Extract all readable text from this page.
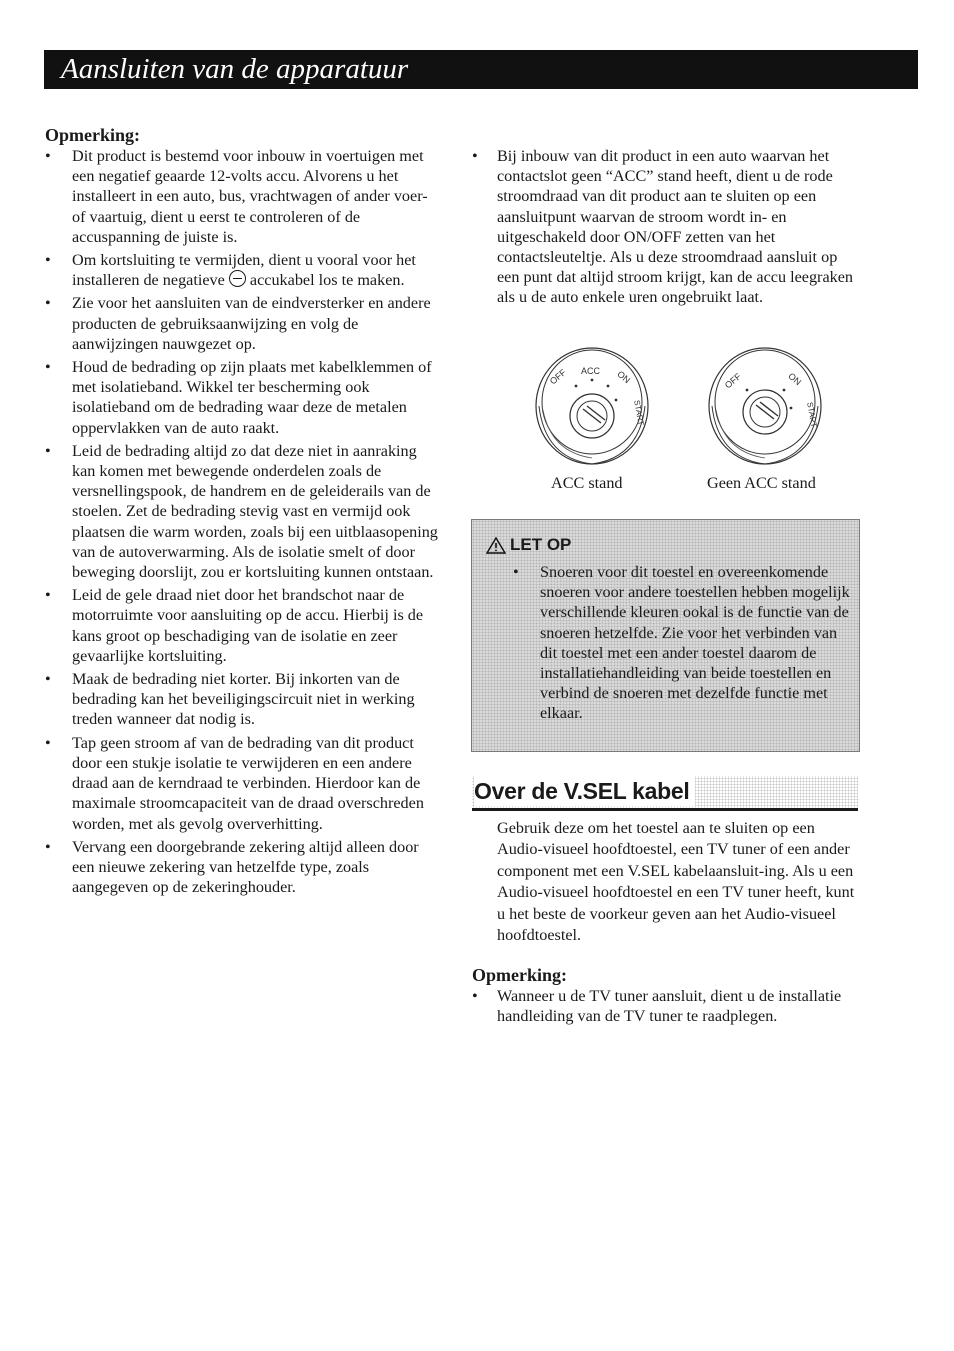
Aansluiten van de apparatuur
Opmerking:
• Dit product is bestemd voor inbouw in voertuigen met een negatief geaarde 12-volts accu. Alvorens u het installeert in een auto, bus, vrachtwagen of ander voer- of vaartuig, dient u eerst te controleren of de accuspanning de juiste is.
• Om kortsluiting te vermijden, dient u vooral voor het installeren de negatieve accukabel los te maken.
• Zie voor het aansluiten van de eindversterker en andere producten de gebruiksaanwijzing en volg de aanwijzingen nauwgezet op.
• Houd de bedrading op zijn plaats met kabelklemmen of met isolatieband. Wikkel ter bescherming ook isolatieband om de bedrading waar deze de metalen oppervlakken van de auto raakt.
• Leid de bedrading altijd zo dat deze niet in aanraking kan komen met bewegende onderdelen zoals de versnellingspook, de handrem en de geleiderails van de stoelen. Zet de bedrading stevig vast en vermijd ook plaatsen die warm worden, zoals bij een uitblaasopening van de autoverwarming. Als de isolatie smelt of door beweging doorslijt, zou er kortsluiting kunnen ontstaan.
• Leid de gele draad niet door het brandschot naar de motorruimte voor aansluiting op de accu. Hierbij is de kans groot op beschadiging van de isolatie en zeer gevaarlijke kortsluiting.
• Maak de bedrading niet korter. Bij inkorten van de bedrading kan het beveiligingscircuit niet in werking treden wanneer dat nodig is.
• Tap geen stroom af van de bedrading van dit product door een stukje isolatie te verwijderen en een andere draad aan de kerndraad te verbinden. Hierdoor kan de maximale stroomcapaciteit van de draad overschreden worden, met als gevolg oververhitting.
• Vervang een doorgebrande zekering altijd alleen door een nieuwe zekering van hetzelfde type, zoals aangegeven op de zekeringhouder.
• Bij inbouw van dit product in een auto waarvan het contactslot geen “ACC” stand heeft, dient u de rode stroomdraad van dit product aan te sluiten op een aansluitpunt waarvan de stroom wordt in- en uitgeschakeld door ON/OFF zetten van het contactsleuteltje. Als u deze stroomdraad aansluit op een punt dat altijd stroom krijgt, kan de accu leegraken als u de auto enkele uren ongebruikt laat.
OFF ACC ON
START
ACC stand
OFF	ON
START
Geen ACC stand
LET OP
• Snoeren voor dit toestel en overeenkomende snoeren voor andere toestellen hebben mogelijk verschillende kleuren ookal is de functie van de snoeren hetzelfde. Zie voor het verbinden van dit toestel met een ander toestel daarom de installatiehandleiding van beide toestellen en verbind de snoeren met dezelfde functie met elkaar.
Over de V.SEL kabel

Gebruik deze om het toestel aan te sluiten op een Audio-visueel hoofdtoestel, een TV tuner of een ander component met een V.SEL kabelaansluit-ing. Als u een Audio-visueel hoofdtoestel en een TV tuner heeft, kunt u het beste de voorkeur geven aan het Audio-visueel hoofdtoestel.

Opmerking:
• Wanneer u de TV tuner aansluit, dient u de installatie handleiding van de TV tuner te raadplegen.
